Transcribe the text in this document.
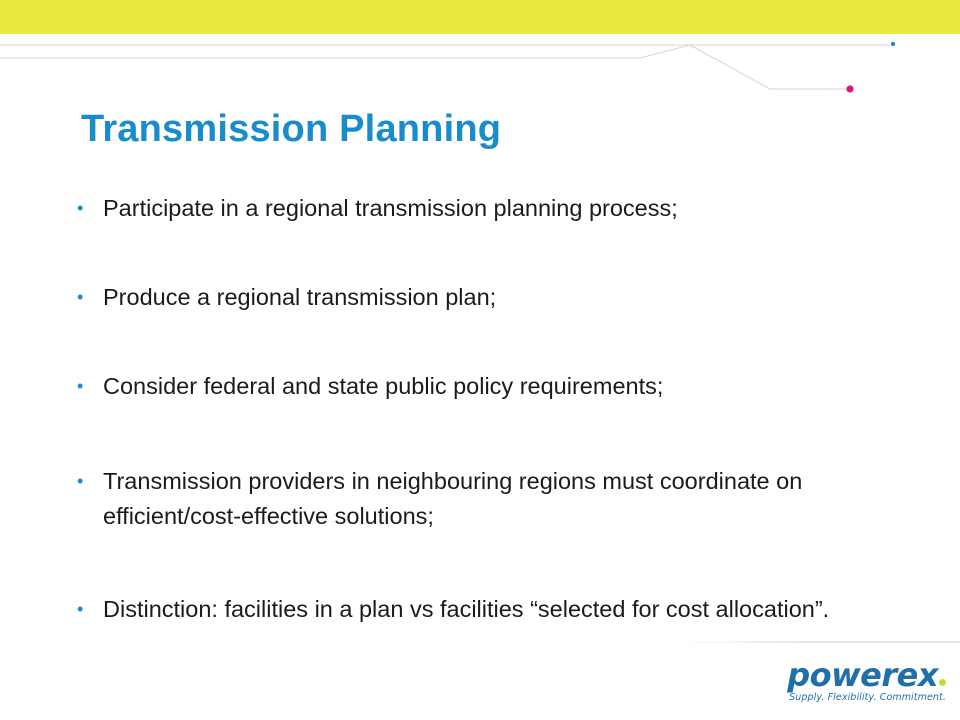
Transmission Planning
• Participate in a regional transmission planning process;
• Produce a regional transmission plan;
• Consider federal and state public policy requirements;
• Transmission providers in neighbouring regions must coordinate on efficient/cost-effective solutions;
• Distinction: facilities in a plan vs facilities “selected for cost allocation”.
powerex
Supply. Flexibility. Commitment.
